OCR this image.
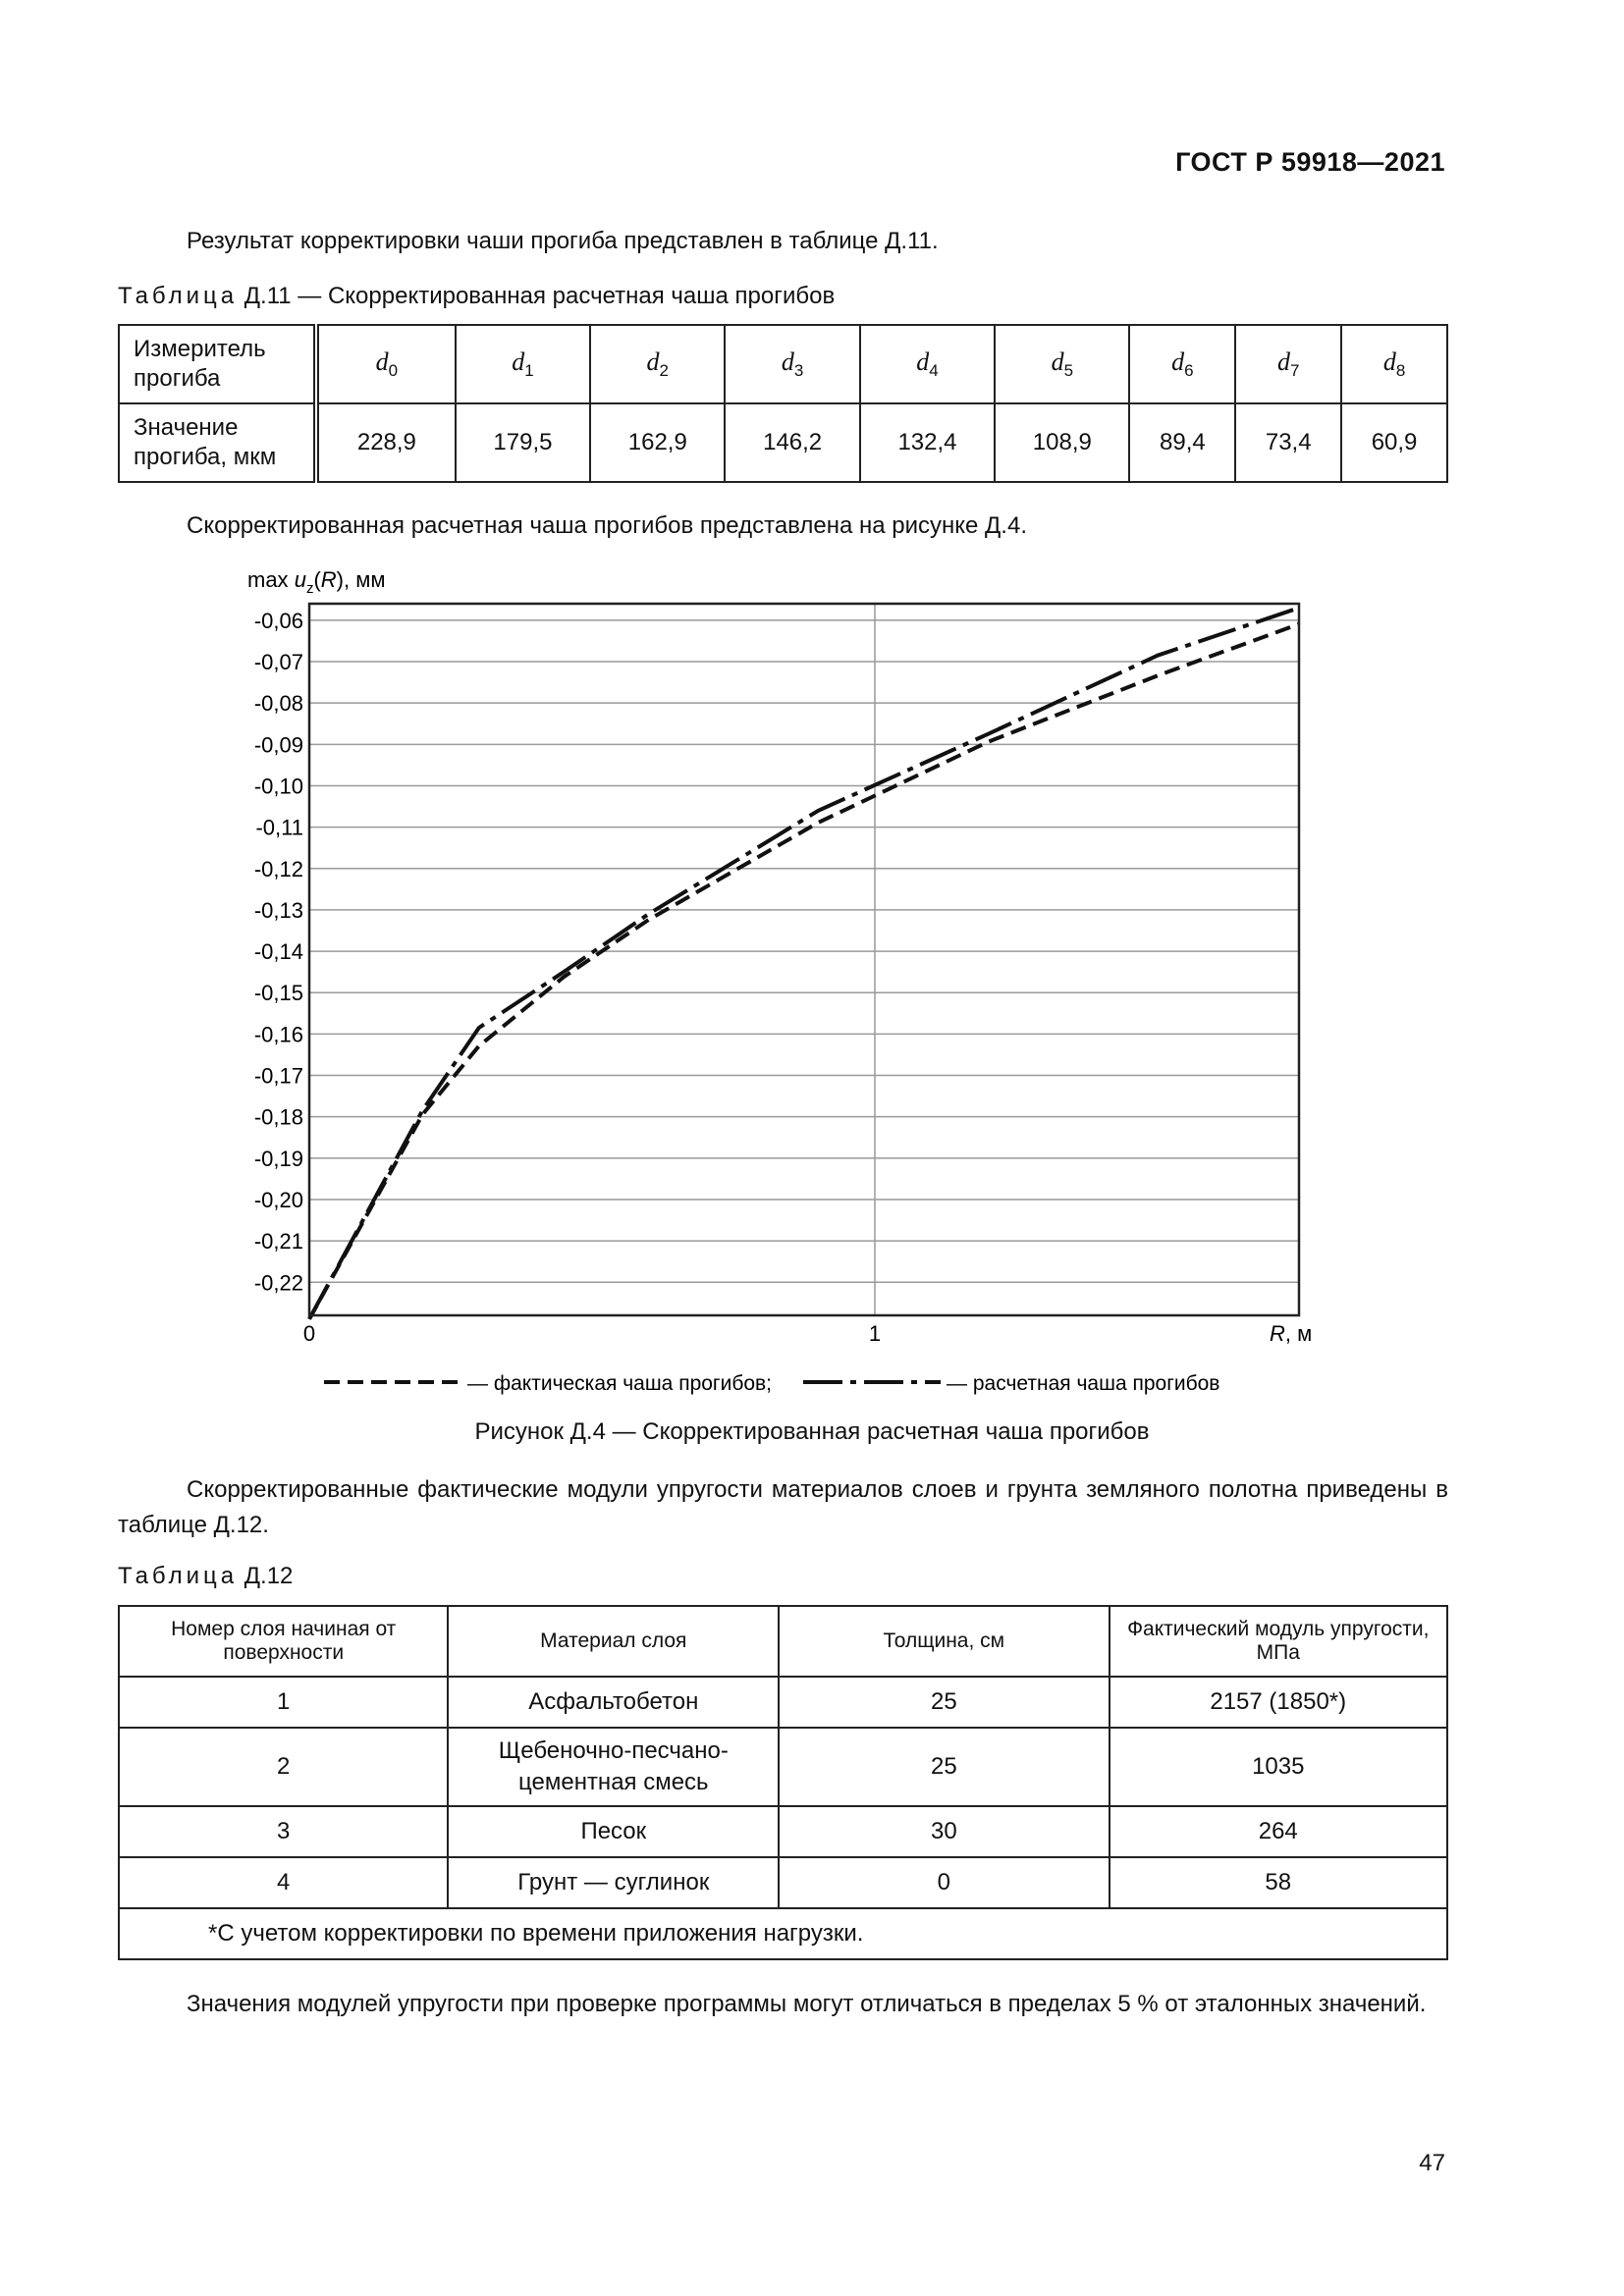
ГОСТ Р 59918—2021
Результат корректировки чаши прогиба представлен в таблице Д.11.
Таблица Д.11 — Скорректированная расчетная чаша прогибов
Измеритель прогиба	$d_0$	$d_1$	$d_2$	$d_3$	$d_4$	$d_5$	$d_6$	$d_7$	$d_8$
Значение прогиба, мкм	228,9	179,5	162,9	146,2	132,4	108,9	89,4	73,4	60,9
Скорректированная расчетная чаша прогибов представлена на рисунке Д.4.
$\max u_z(R)$, мм
-0,06
-0,07
-0,08
-0,09
-0,10
-0,11
-0,12
-0,13
-0,14
-0,15
-0,16
-0,17
-0,18
-0,19
-0,20
-0,21
-0,22
0	1	R, м
— фактическая чаша прогибов;	— расчетная чаша прогибов
Рисунок Д.4 — Скорректированная расчетная чаша прогибов
Скорректированные фактические модули упругости материалов слоев и грунта земляного полотна приведены в таблице Д.12.
Таблица Д.12
Номер слоя начиная от поверхности	Материал слоя	Толщина, см	Фактический модуль упругости, МПа
1	Асфальтобетон	25	2157 (1850*)
2	Щебеночно-песчано-цементная смесь	25	1035
3	Песок	30	264
4	Грунт — суглинок	0	58
*С учетом корректировки по времени приложения нагрузки.			
Значения модулей упругости при проверке программы могут отличаться в пределах 5 % от эталонных значений.
47
